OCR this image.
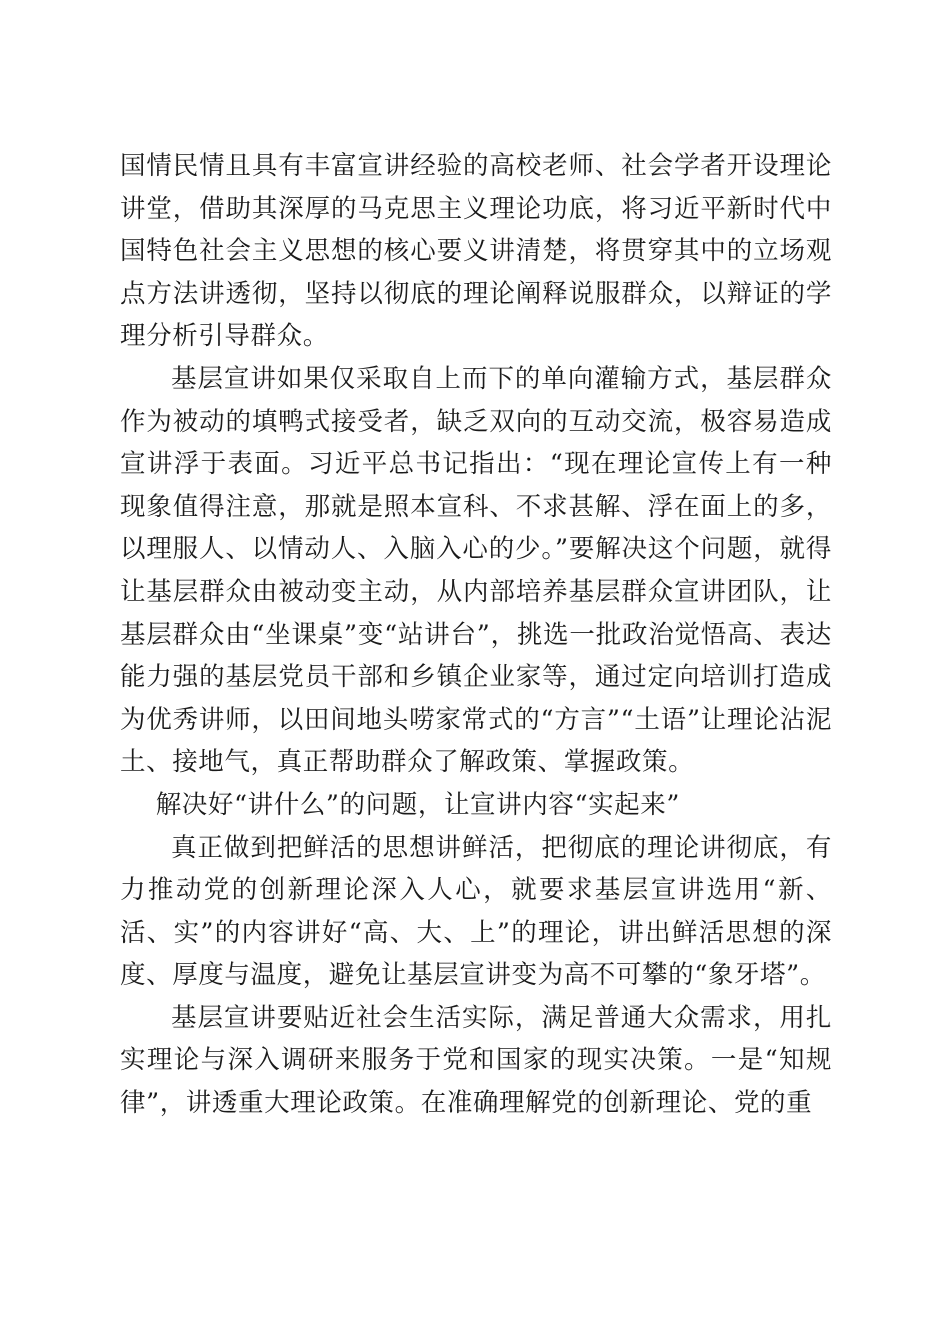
国情民情且具有丰富宣讲经验的高校老师、社会学者开设理论讲堂，借助其深厚的马克思主义理论功底，将习近平新时代中国特色社会主义思想的核心要义讲清楚，将贯穿其中的立场观点方法讲透彻，坚持以彻底的理论阐释说服群众，以辩证的学理分析引导群众。

基层宣讲如果仅采取自上而下的单向灌输方式，基层群众作为被动的填鸭式接受者，缺乏双向的互动交流，极容易造成宣讲浮于表面。习近平总书记指出：“现在理论宣传上有一种现象值得注意，那就是照本宣科、不求甚解、浮在面上的多，以理服人、以情动人、入脑入心的少。”要解决这个问题，就得让基层群众由被动变主动，从内部培养基层群众宣讲团队，让基层群众由“坐课桌”变“站讲台”，挑选一批政治觉悟高、表达能力强的基层党员干部和乡镇企业家等，通过定向培训打造成为优秀讲师，以田间地头唠家常式的“方言”“土语”让理论沾泥土、接地气，真正帮助群众了解政策、掌握政策。

解决好“讲什么”的问题，让宣讲内容“实起来”

真正做到把鲜活的思想讲鲜活，把彻底的理论讲彻底，有力推动党的创新理论深入人心，就要求基层宣讲选用“新、活、实”的内容讲好“高、大、上”的理论，讲出鲜活思想的深度、厚度与温度，避免让基层宣讲变为高不可攀的“象牙塔”。

基层宣讲要贴近社会生活实际，满足普通大众需求，用扎实理论与深入调研来服务于党和国家的现实决策。一是“知规律”，讲透重大理论政策。在准确理解党的创新理论、党的重
